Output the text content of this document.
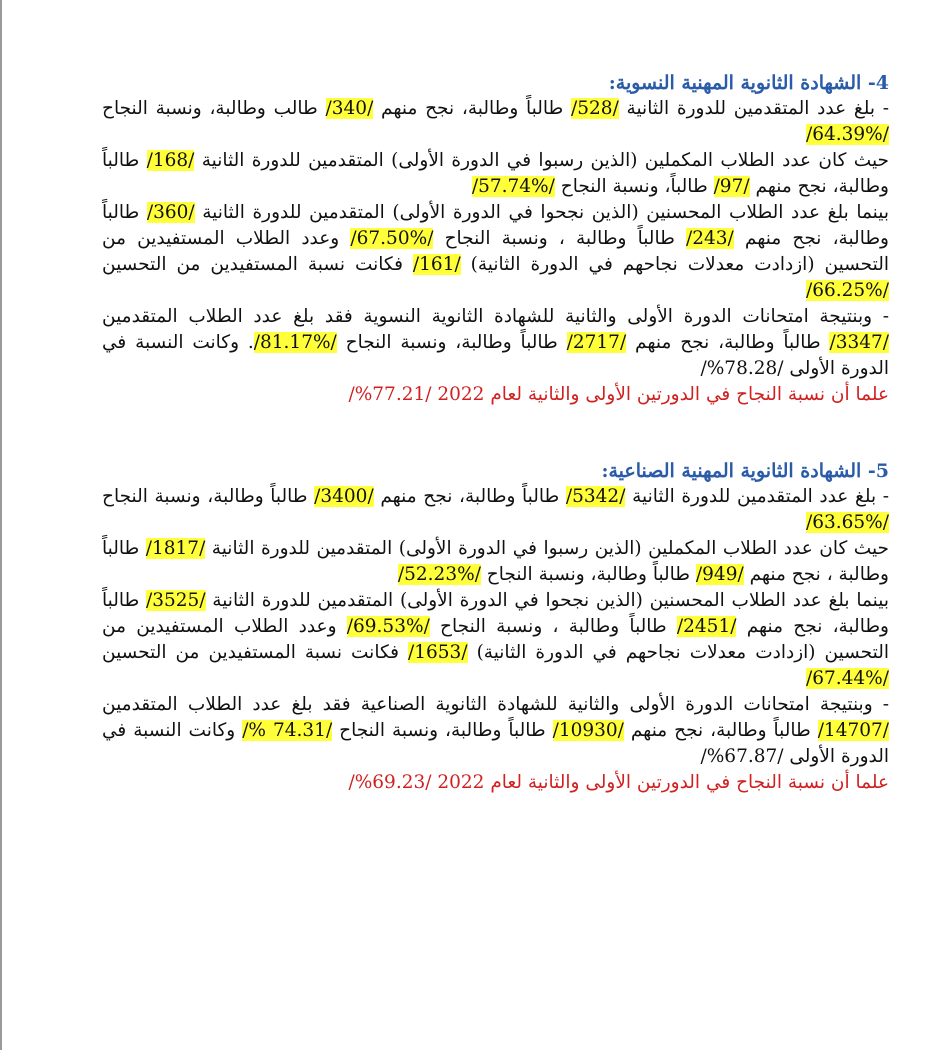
4- الشهادة الثانوية المهنية النسوية:

- بلغ عدد المتقدمين للدورة الثانية /528/ طالباً وطالبة، نجح منهم /340/ طالب وطالبة، ونسبة النجاح /64.39%/

حيث كان عدد الطلاب المكملين (الذين رسبوا في الدورة الأولى) المتقدمين للدورة الثانية /168/ طالباً وطالبة، نجح منهم /97/ طالباً، ونسبة النجاح /57.74%/

بينما بلغ عدد الطلاب المحسنين (الذين نجحوا في الدورة الأولى) المتقدمين للدورة الثانية /360/ طالباً وطالبة، نجح منهم /243/ طالباً وطالبة ، ونسبة النجاح /67.50%/ وعدد الطلاب المستفيدين من التحسين (ازدادت معدلات نجاحهم في الدورة الثانية) /161/ فكانت نسبة المستفيدين من التحسين /66.25%/

- وبنتيجة امتحانات الدورة الأولى والثانية للشهادة الثانوية النسوية فقد بلغ عدد الطلاب المتقدمين /3347/ طالباً وطالبة، نجح منهم /2717/ طالباً وطالبة، ونسبة النجاح /81.17%/. وكانت النسبة في الدورة الأولى /78.28%/

علما أن نسبة النجاح في الدورتين الأولى والثانية لعام 2022 /77.21%/

5- الشهادة الثانوية المهنية الصناعية:

- بلغ عدد المتقدمين للدورة الثانية /5342/ طالباً وطالبة، نجح منهم /3400/ طالباً وطالبة، ونسبة النجاح /63.65%/

حيث كان عدد الطلاب المكملين (الذين رسبوا في الدورة الأولى) المتقدمين للدورة الثانية /1817/ طالباً وطالبة ، نجح منهم /949/ طالباً وطالبة، ونسبة النجاح /52.23%/

بينما بلغ عدد الطلاب المحسنين (الذين نجحوا في الدورة الأولى) المتقدمين للدورة الثانية /3525/ طالباً وطالبة، نجح منهم /2451/ طالباً وطالبة ، ونسبة النجاح /69.53%/ وعدد الطلاب المستفيدين من التحسين (ازدادت معدلات نجاحهم في الدورة الثانية) /1653/ فكانت نسبة المستفيدين من التحسين /67.44%/

- وبنتيجة امتحانات الدورة الأولى والثانية للشهادة الثانوية الصناعية فقد بلغ عدد الطلاب المتقدمين /14707/ طالباً وطالبة، نجح منهم /10930/ طالباً وطالبة، ونسبة النجاح /74.31 %/ وكانت النسبة في الدورة الأولى /67.87%/

علما أن نسبة النجاح في الدورتين الأولى والثانية لعام 2022 /69.23%/
